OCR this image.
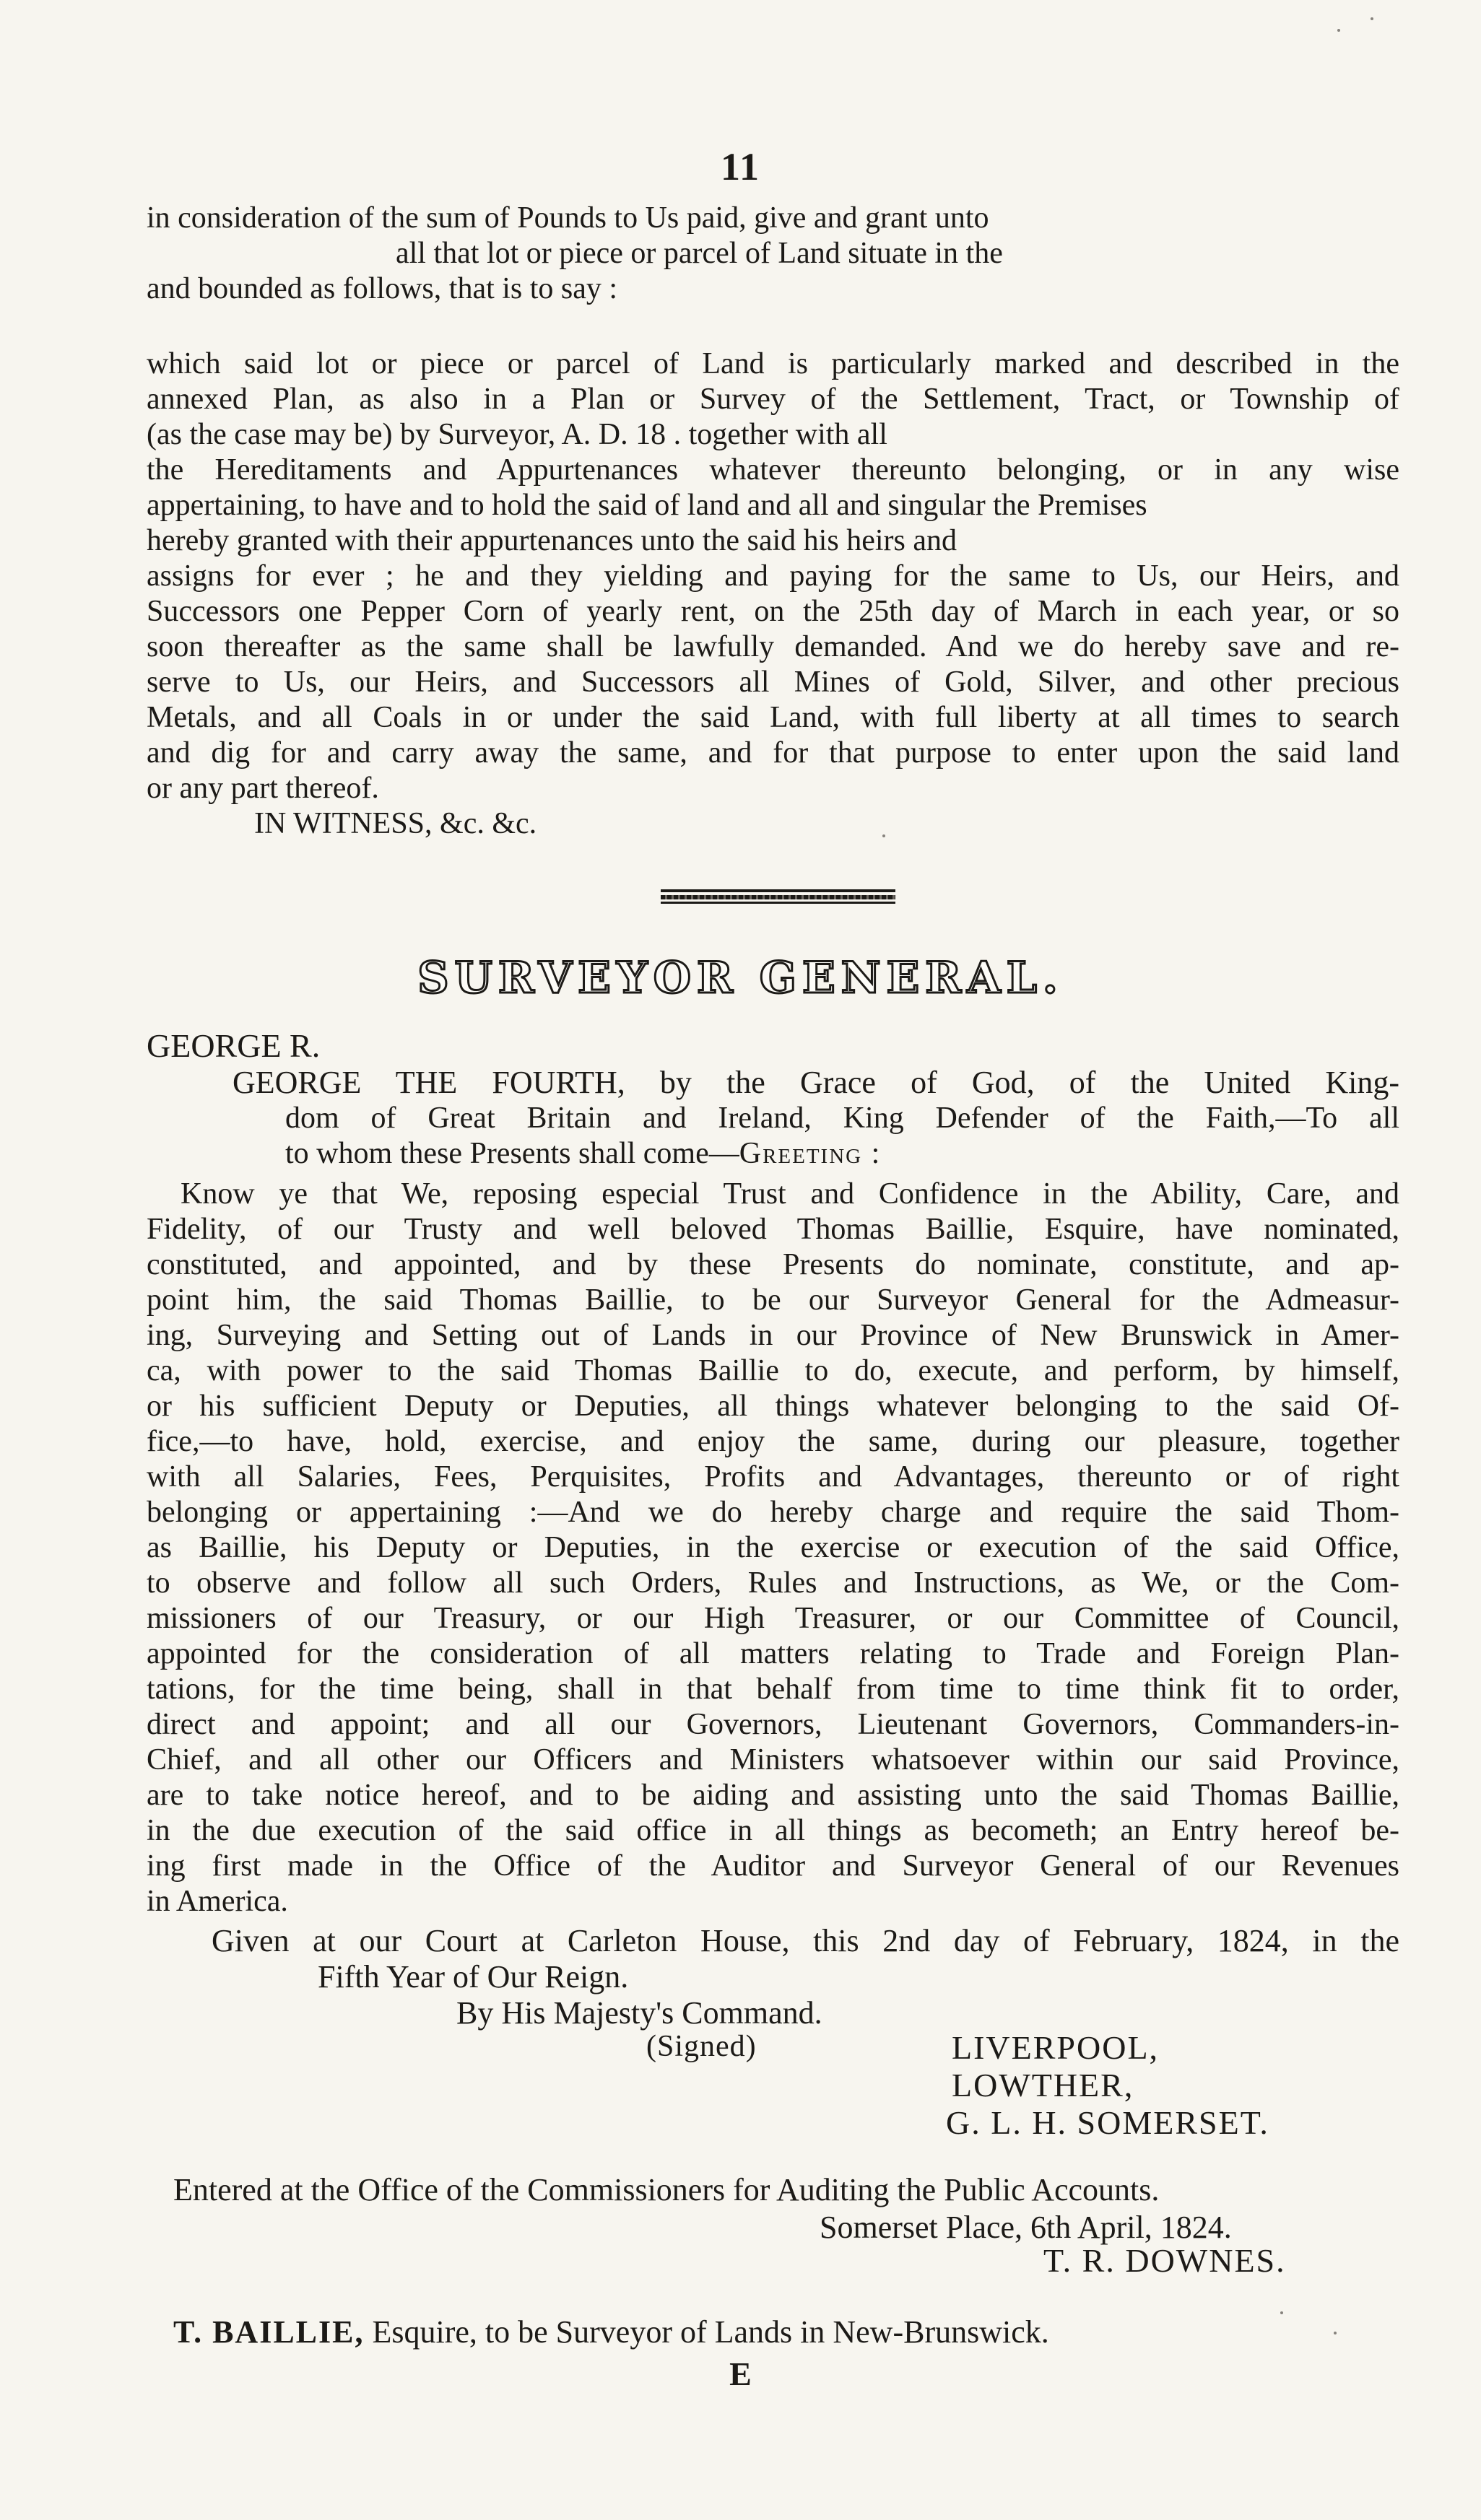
11
in consideration of the sum of Pounds to Us paid, give and grant unto
all that lot or piece or parcel of Land situate in the
and bounded as follows, that is to say :
which said lot or piece or parcel of Land is particularly marked and described in the
annexed Plan, as also in a Plan or Survey of the Settlement, Tract, or Township of
(as the case may be) by Surveyor, A. D. 18 . together with all
the Hereditaments and Appurtenances whatever thereunto belonging, or in any wise
appertaining, to have and to hold the said of land and all and singular the Premises
hereby granted with their appurtenances unto the said his heirs and
assigns for ever ; he and they yielding and paying for the same to Us, our Heirs, and
Successors one Pepper Corn of yearly rent, on the 25th day of March in each year, or so
soon thereafter as the same shall be lawfully demanded. And we do hereby save and re-
serve to Us, our Heirs, and Successors all Mines of Gold, Silver, and other precious
Metals, and all Coals in or under the said Land, with full liberty at all times to search
and dig for and carry away the same, and for that purpose to enter upon the said land
or any part thereof.
IN WITNESS, &c. &c.
SURVEYOR GENERAL.
GEORGE R.
GEORGE THE FOURTH, by the Grace of God, of the United King-
dom of Great Britain and Ireland, King Defender of the Faith,—To all
to whom these Presents shall come—Greeting :
Know ye that We, reposing especial Trust and Confidence in the Ability, Care, and
Fidelity, of our Trusty and well beloved Thomas Baillie, Esquire, have nominated,
constituted, and appointed, and by these Presents do nominate, constitute, and ap-
point him, the said Thomas Baillie, to be our Surveyor General for the Admeasur-
ing, Surveying and Setting out of Lands in our Province of New Brunswick in Amer-
ca, with power to the said Thomas Baillie to do, execute, and perform, by himself,
or his sufficient Deputy or Deputies, all things whatever belonging to the said Of-
fice,—to have, hold, exercise, and enjoy the same, during our pleasure, together
with all Salaries, Fees, Perquisites, Profits and Advantages, thereunto or of right
belonging or appertaining :—And we do hereby charge and require the said Thom-
as Baillie, his Deputy or Deputies, in the exercise or execution of the said Office,
to observe and follow all such Orders, Rules and Instructions, as We, or the Com-
missioners of our Treasury, or our High Treasurer, or our Committee of Council,
appointed for the consideration of all matters relating to Trade and Foreign Plan-
tations, for the time being, shall in that behalf from time to time think fit to order,
direct and appoint; and all our Governors, Lieutenant Governors, Commanders-in-
Chief, and all other our Officers and Ministers whatsoever within our said Province,
are to take notice hereof, and to be aiding and assisting unto the said Thomas Baillie,
in the due execution of the said office in all things as becometh; an Entry hereof be-
ing first made in the Office of the Auditor and Surveyor General of our Revenues
in America.
Given at our Court at Carleton House, this 2nd day of February, 1824, in the
Fifth Year of Our Reign.
By His Majesty's Command.
(Signed)	LIVERPOOL,
LOWTHER,
G. L. H. SOMERSET.
Entered at the Office of the Commissioners for Auditing the Public Accounts.
Somerset Place, 6th April, 1824.
T. R. DOWNES.
T. BAILLIE, Esquire, to be Surveyor of Lands in New-Brunswick.
E
